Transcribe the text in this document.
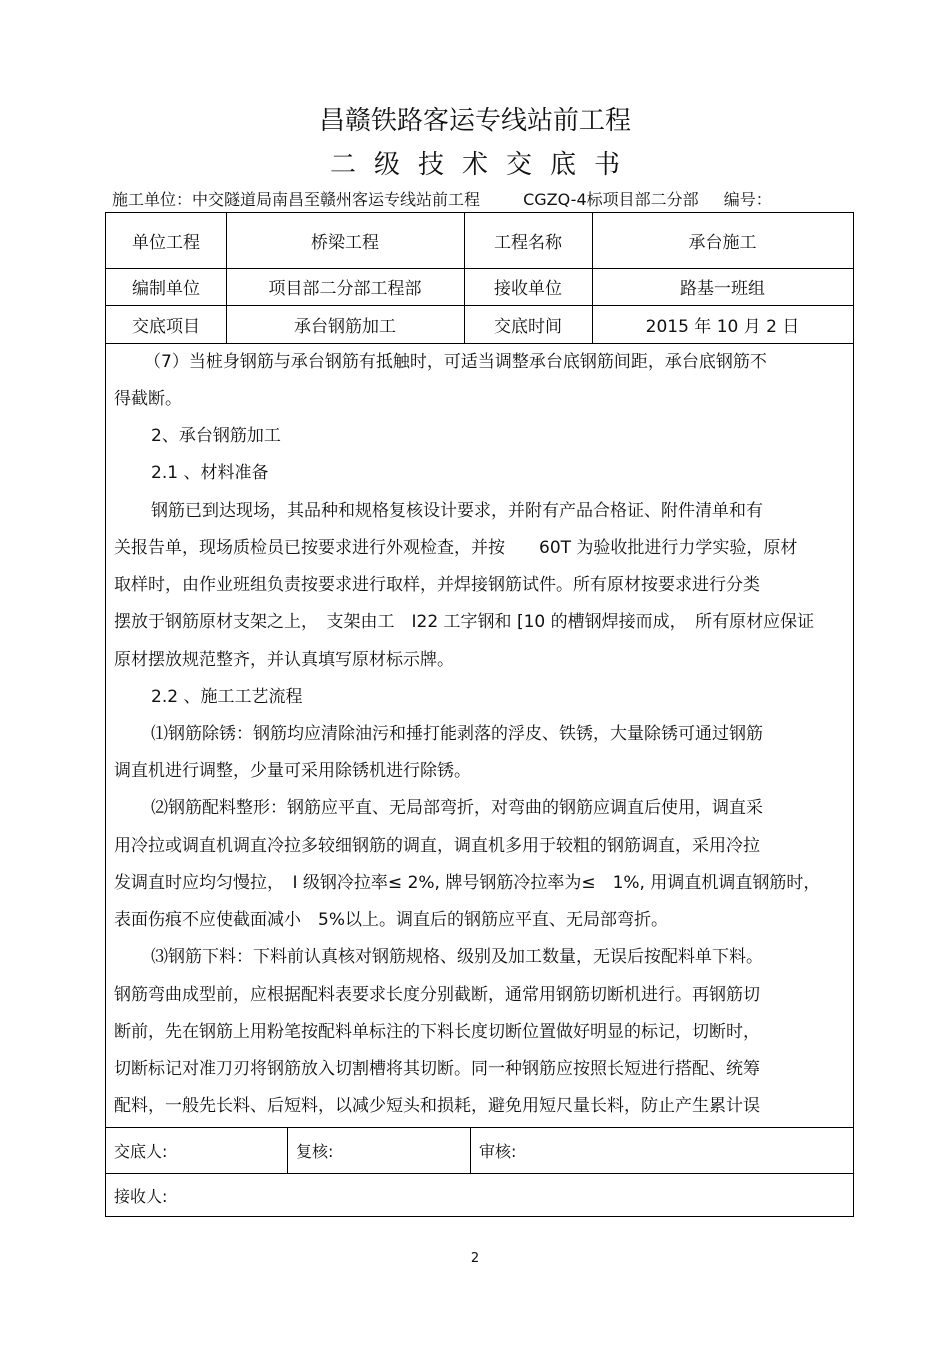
昌赣铁路客运专线站前工程
二级技术交底书
施工单位：中交隧道局南昌至赣州客运专线站前工程	CGZQ-4标项目部二分部 编号：
单位工程	桥梁工程	工程名称	承台施工
编制单位	项目部二分部工程部	接收单位	路基一班组
交底项目	承台钢筋加工	交底时间	2015 年 10 月 2 日
（7）当桩身钢筋与承台钢筋有抵触时，可适当调整承台底钢筋间距，承台底钢筋不
得截断。
2、承台钢筋加工
2.1 、材料准备
钢筋已到达现场，其品种和规格复核设计要求，并附有产品合格证、附件清单和有
关报告单，现场质检员已按要求进行外观检查，并按　　60T 为验收批进行力学实验，原材
取样时，由作业班组负责按要求进行取样，并焊接钢筋试件。所有原材按要求进行分类
摆放于钢筋原材支架之上，　支架由工　I22 工字钢和 [10 的槽钢焊接而成，　所有原材应保证
原材摆放规范整齐，并认真填写原材标示牌。
2.2 、施工工艺流程
⑴钢筋除锈：钢筋均应清除油污和捶打能剥落的浮皮、铁锈，大量除锈可通过钢筋
调直机进行调整，少量可采用除锈机进行除锈。
⑵钢筋配料整形：钢筋应平直、无局部弯折，对弯曲的钢筋应调直后使用，调直采
用冷拉或调直机调直冷拉多较细钢筋的调直，调直机多用于较粗的钢筋调直，采用冷拉
发调直时应均匀慢拉，　Ⅰ 级钢冷拉率≤ 2%, 牌号钢筋冷拉率为≤　1%, 用调直机调直钢筋时，
表面伤痕不应使截面减小　5%以上。调直后的钢筋应平直、无局部弯折。
⑶钢筋下料：下料前认真核对钢筋规格、级别及加工数量，无误后按配料单下料。
钢筋弯曲成型前，应根据配料表要求长度分别截断，通常用钢筋切断机进行。再钢筋切
断前，先在钢筋上用粉笔按配料单标注的下料长度切断位置做好明显的标记，切断时，
切断标记对准刀刃将钢筋放入切割槽将其切断。同一种钢筋应按照长短进行搭配、统筹
配料，一般先长料、后短料，以减少短头和损耗，避免用短尺量长料，防止产生累计误
交底人:	复核:	审核:
接收人:
2
